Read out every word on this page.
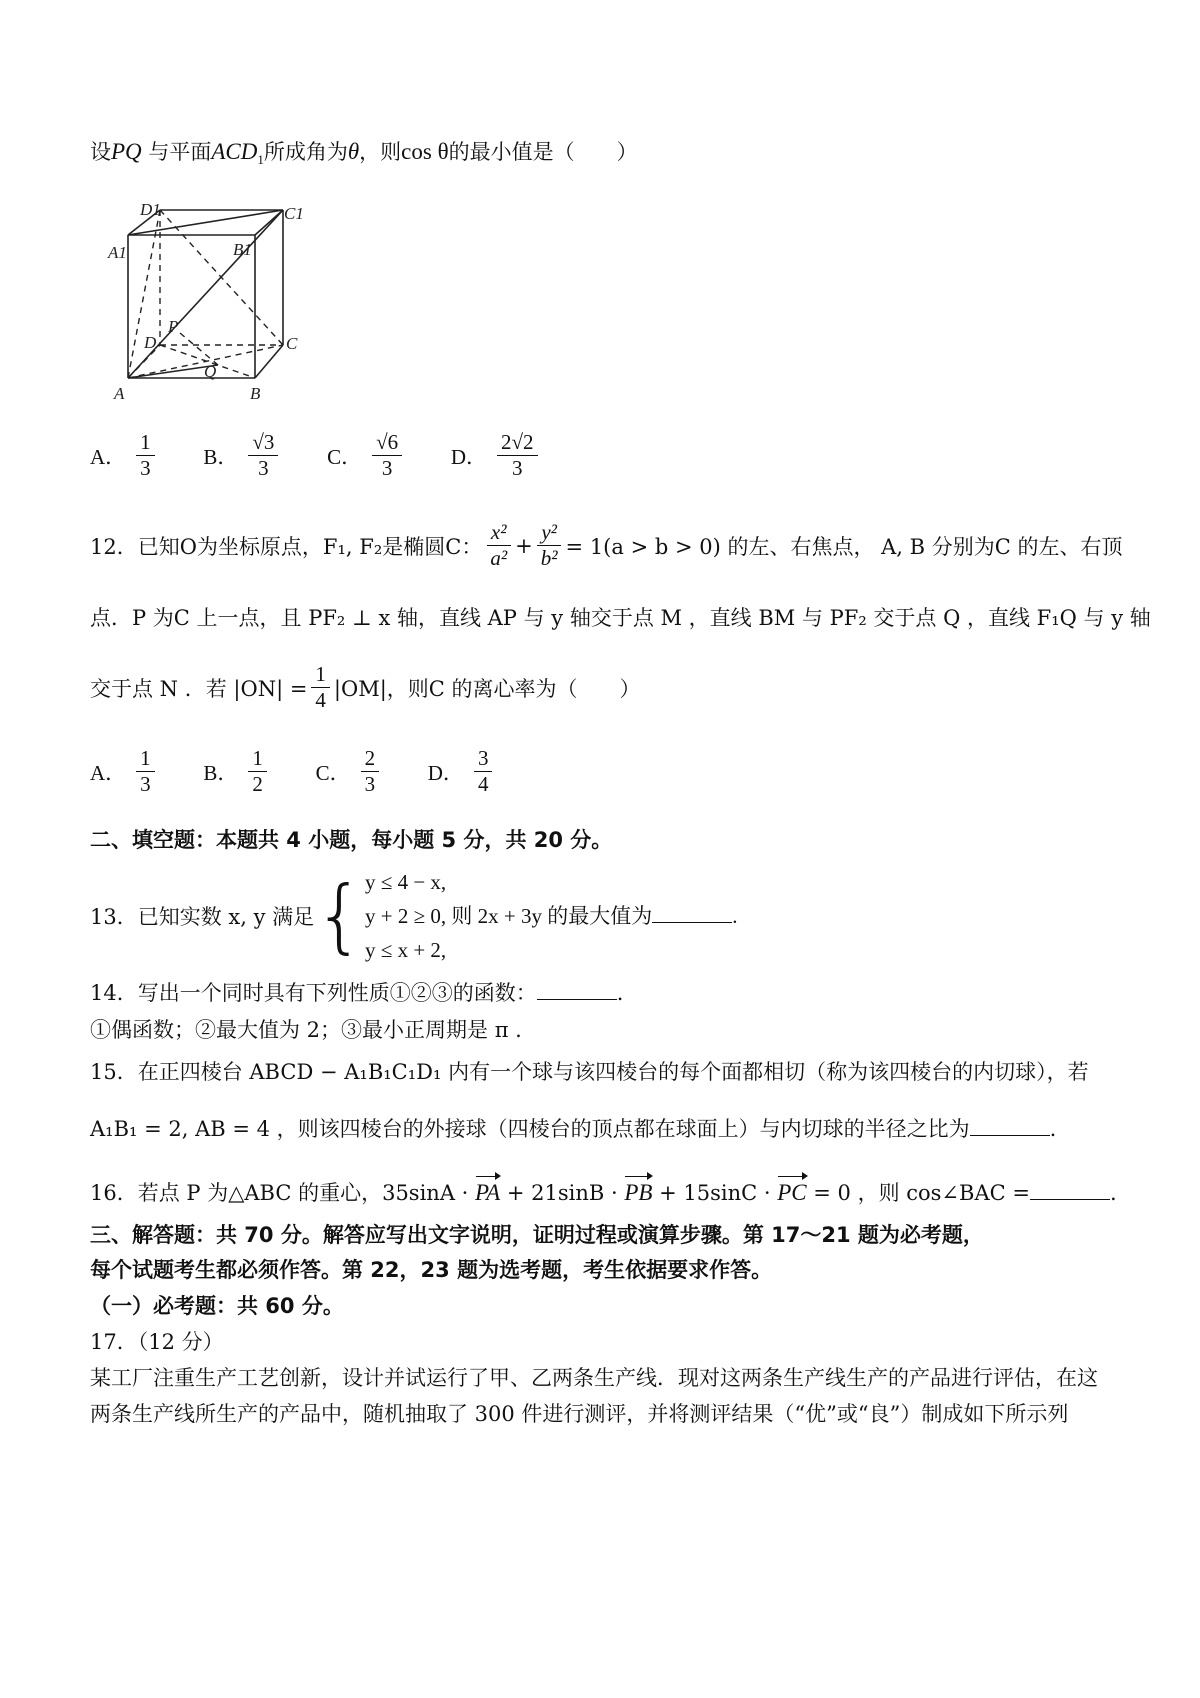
设PQ 与平面$ACD_1$所成角为θ，则cos θ的最小值是（　　）
D1	C1
A1	B1
P
D	C
Q
A	B
A． $\frac{1}{3}$
B． $\frac{√3}{3}$
C． $\frac{√6}{3}$
D． $\frac{2√2}{3}$
12．已知O为坐标原点，F₁, F₂是椭圆C： $\frac{\text{x²}}{\text{a²}} + \frac{\text{y²}}{\text{b²}} = 1(a > b > 0)$ 的左、右焦点， A, B 分别为C 的左、右顶
点．P 为C 上一点，且 PF₂ ⊥ x 轴，直线 AP 与 y 轴交于点 M ，直线 BM 与 PF₂ 交于点 Q ，直线 F₁Q 与 y 轴
交于点 N ．若 $|ON| = \frac{1}{4} |OM|$，则C 的离心率为（　　）
A． $\frac{1}{3}$
B． $\frac{1}{2}$
C． $\frac{2}{3}$
D． $\frac{3}{4}$
二、填空题：本题共 4 小题，每小题 5 分，共 20 分。
13．已知实数 x, y 满足 { y ≤ 4 − x,
y + 2 ≥ 0, 则 2x + 3y 的最大值为	.
y ≤ x + 2,
14．写出一个同时具有下列性质①②③的函数：	.
①偶函数；②最大值为 2；③最小正周期是 π .
15．在正四棱台 ABCD − A₁B₁C₁D₁ 内有一个球与该四棱台的每个面都相切（称为该四棱台的内切球），若
A₁B₁ = 2, AB = 4 ，则该四棱台的外接球（四棱台的顶点都在球面上）与内切球的半径之比为	.
16．若点 P 为△ABC 的重心，35sinA · PA + 21sinB · PB + 15sinC · PC = 0 ，则 cos∠BAC =	.
三、解答题：共 70 分。解答应写出文字说明，证明过程或演算步骤。第 17～21 题为必考题，
每个试题考生都必须作答。第 22，23 题为选考题，考生依据要求作答。
（一）必考题：共 60 分。
17．（12 分）
某工厂注重生产工艺创新，设计并试运行了甲、乙两条生产线．现对这两条生产线生产的产品进行评估，在这
两条生产线所生产的产品中，随机抽取了 300 件进行测评，并将测评结果（“优”或“良”）制成如下所示列
